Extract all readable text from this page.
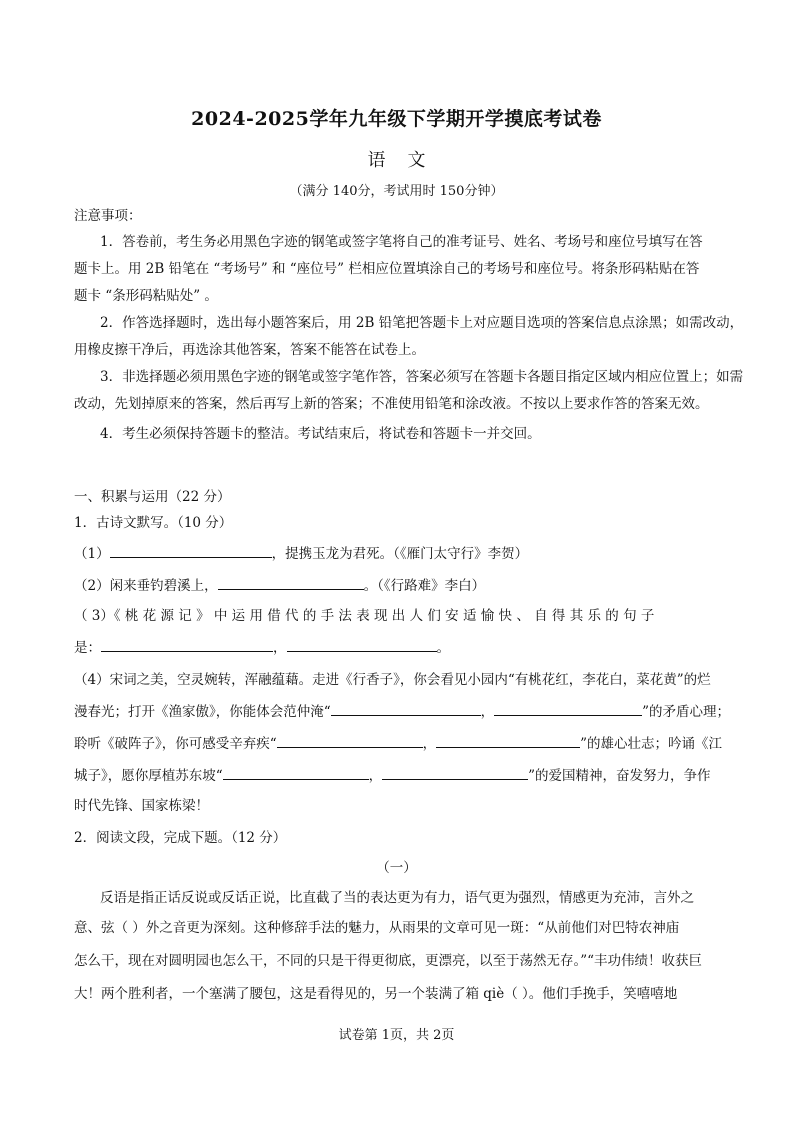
2024-2025学年九年级下学期开学摸底考试卷
语文
（满分 140分，考试用时 150分钟）
注意事项：
1．答卷前，考生务必用黑色字迹的钢笔或签字笔将自己的准考证号、姓名、考场号和座位号填写在答
题卡上。用 2B 铅笔在 “考场号” 和 “座位号” 栏相应位置填涂自己的考场号和座位号。将条形码粘贴在答
题卡 “条形码粘贴处” 。
2．作答选择题时，选出每小题答案后，用 2B 铅笔把答题卡上对应题目选项的答案信息点涂黑；如需改动，
用橡皮擦干净后，再选涂其他答案，答案不能答在试卷上。
3．非选择题必须用黑色字迹的钢笔或签字笔作答，答案必须写在答题卡各题目指定区域内相应位置上；如需
改动，先划掉原来的答案，然后再写上新的答案；不准使用铅笔和涂改液。不按以上要求作答的答案无效。
4．考生必须保持答题卡的整洁。考试结束后，将试卷和答题卡一并交回。
一、积累与运用（22 分）
1．古诗文默写。（10 分）
（1）	，提携玉龙为君死。（《雁门太守行》李贺）
（2）闲来垂钓碧溪上，	。（《行路难》李白）
（ 3）《 桃 花 源 记 》 中 运 用 借 代 的 手 法 表 现 出 人 们 安 适 愉 快 、 自 得 其 乐 的 句 子
是：	，	。
（4）宋词之美，空灵婉转，浑融蕴藉。走进《行香子》，你会看见小园内“有桃花红，李花白，菜花黄”的烂
漫春光；打开《渔家傲》，你能体会范仲淹“	，	”的矛盾心理；
聆听《破阵子》，你可感受辛弃疾“	，	”的雄心壮志；吟诵《江
城子》，愿你厚植苏东坡“	，	”的爱国精神，奋发努力，争作
时代先锋、国家栋梁！
2．阅读文段，完成下题。（12 分）
（一）
反语是指正话反说或反话正说，比直截了当的表达更为有力，语气更为强烈，情感更为充沛，言外之
意、弦（ ）外之音更为深刻。这种修辞手法的魅力，从雨果的文章可见一斑：“从前他们对巴特农神庙
怎么干，现在对圆明园也怎么干，不同的只是干得更彻底，更漂亮，以至于荡然无存。”“丰功伟绩！收获巨
大！两个胜利者，一个塞满了腰包，这是看得见的，另一个装满了箱 qiè（ ）。他们手挽手，笑嘻嘻地
试卷第 1页，共 2页
